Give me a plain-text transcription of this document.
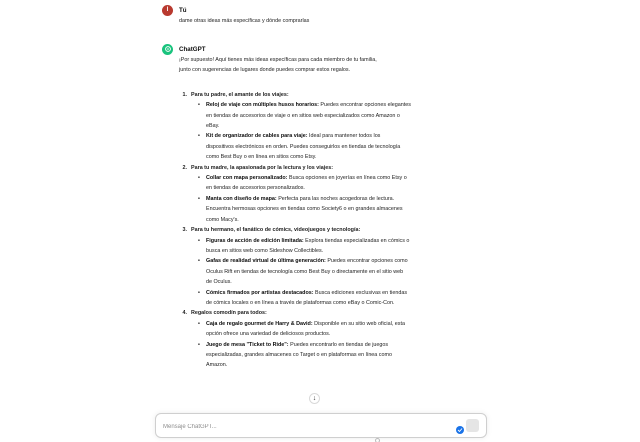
I	Tú
dame otras ideas más específicas y dónde comprarlas
ChatGPT
¡Por supuesto! Aquí tienes más ideas específicas para cada miembro de tu familia,
junto con sugerencias de lugares donde puedes comprar estos regalos.
1. Para tu padre, el amante de los viajes:
• Reloj de viaje con múltiples husos horarios: Puedes encontrar opciones elegantes
en tiendas de accesorios de viaje o en sitios web especializados como Amazon o
eBay.
• Kit de organizador de cables para viaje: Ideal para mantener todos los
dispositivos electrónicos en orden. Puedes conseguirlos en tiendas de tecnología
como Best Buy o en línea en sitios como Etsy.
2. Para tu madre, la apasionada por la lectura y los viajes:
• Collar con mapa personalizado: Busca opciones en joyerías en línea como Etsy o
en tiendas de accesorios personalizados.
• Manta con diseño de mapa: Perfecta para las noches acogedoras de lectura.
Encuentra hermosas opciones en tiendas como Society6 o en grandes almacenes
como Macy's.
3. Para tu hermano, el fanático de cómics, videojuegos y tecnología:
• Figuras de acción de edición limitada: Explora tiendas especializadas en cómics o
busca en sitios web como Sideshow Collectibles.
• Gafas de realidad virtual de última generación: Puedes encontrar opciones como
Oculus Rift en tiendas de tecnología como Best Buy o directamente en el sitio web
de Oculus.
• Cómics firmados por artistas destacados: Busca ediciones exclusivas en tiendas
de cómics locales o en línea a través de plataformas como eBay o Comic-Con.
4. Regalos comodín para todos:
• Caja de regalo gourmet de Harry & David: Disponible en su sitio web oficial, esta
opción ofrece una variedad de deliciosos productos.
• Juego de mesa "Ticket to Ride": Puedes encontrarlo en tiendas de juegos
especializadas, grandes almacenes co Target o en plataformas en línea como
Amazon.
↓
Mensaje ChatGPT...
